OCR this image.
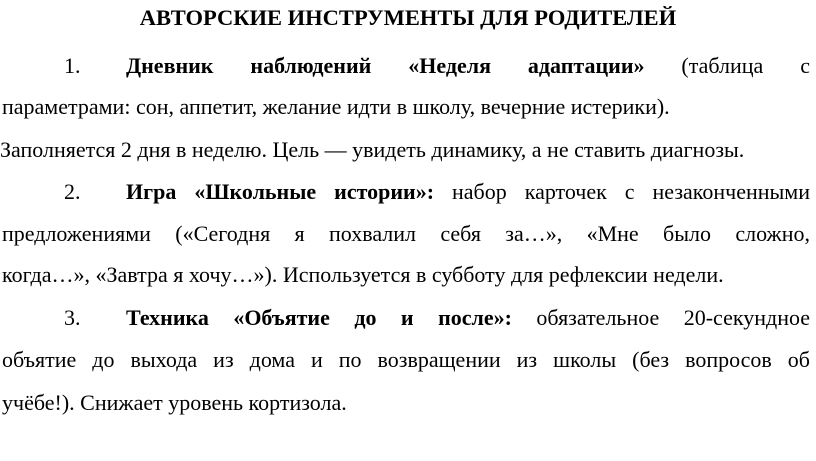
АВТОРСКИЕ ИНСТРУМЕНТЫ ДЛЯ РОДИТЕЛЕЙ
1. Дневник наблюдений «Неделя адаптации» (таблица с
параметрами: сон, аппетит, желание идти в школу, вечерние истерики).
Заполняется 2 дня в неделю. Цель — увидеть динамику, а не ставить диагнозы.
2. Игра «Школьные истории»: набор карточек с незаконченными
предложениями («Сегодня я похвалил себя за…», «Мне было сложно,
когда…», «Завтра я хочу…»). Используется в субботу для рефлексии недели.
3. Техника «Объятие до и после»: обязательное 20-секундное
объятие до выхода из дома и по возвращении из школы (без вопросов об
учёбе!). Снижает уровень кортизола.
